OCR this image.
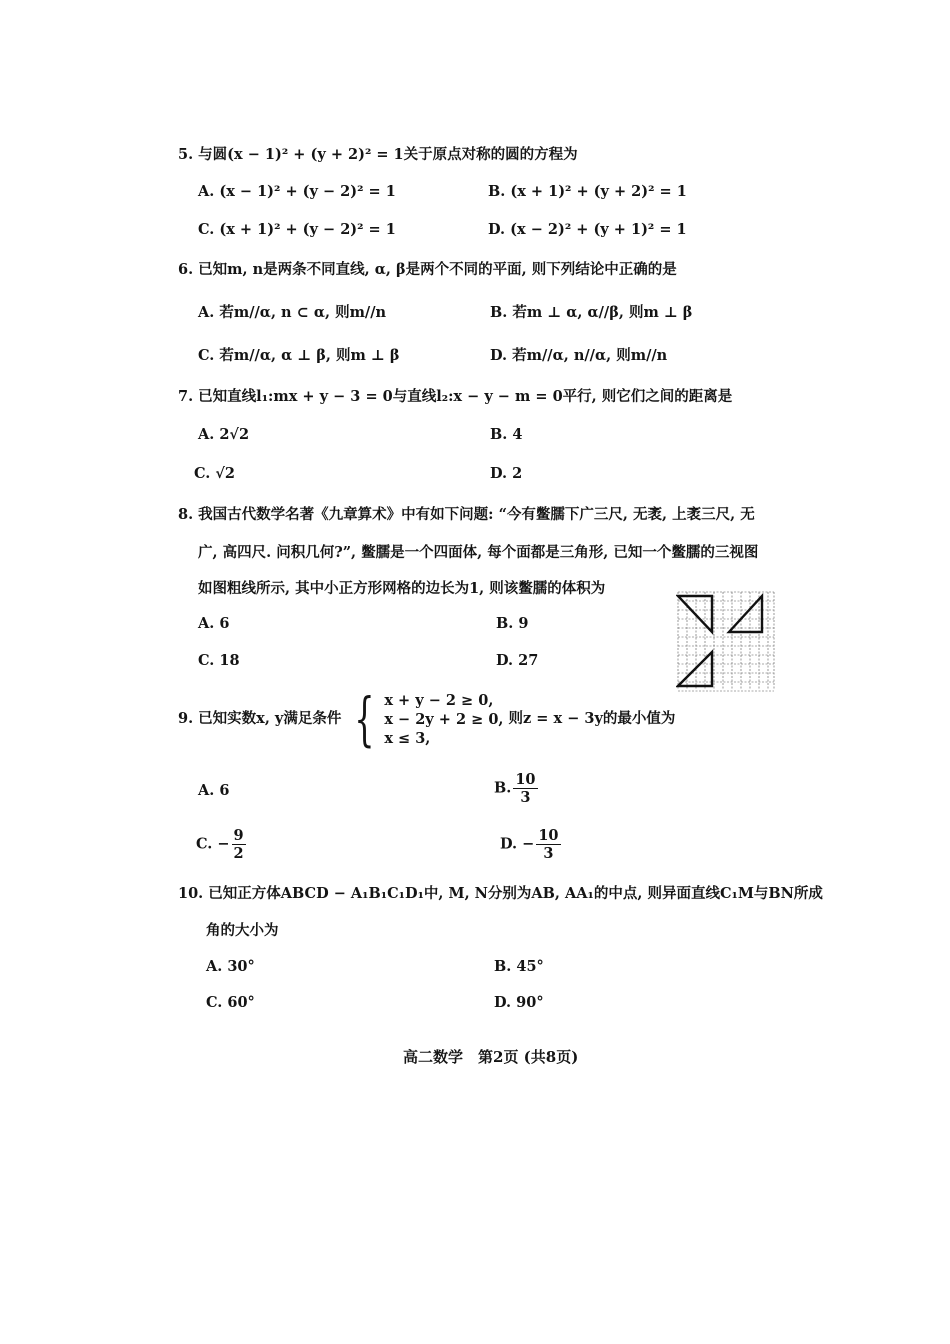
5. 与圆(x − 1)² + (y + 2)² = 1关于原点对称的圆的方程为
A. (x − 1)² + (y − 2)² = 1	B. (x + 1)² + (y + 2)² = 1
C. (x + 1)² + (y − 2)² = 1	D. (x − 2)² + (y + 1)² = 1
6. 已知m, n是两条不同直线, α, β是两个不同的平面, 则下列结论中正确的是
A. 若m//α, n ⊂ α, 则m//n	B. 若m ⊥ α, α//β, 则m ⊥ β
C. 若m//α, α ⊥ β, 则m ⊥ β	D. 若m//α, n//α, 则m//n
7. 已知直线l₁:mx + y − 3 = 0与直线l₂:x − y − m = 0平行, 则它们之间的距离是
A. 2√2	B. 4
C. √2	D. 2
8. 我国古代数学名著《九章算术》中有如下问题: “今有鳖臑下广三尺, 无袤, 上袤三尺, 无
广, 高四尺. 问积几何?”, 鳖臑是一个四面体, 每个面都是三角形, 已知一个鳖臑的三视图
如图粗线所示, 其中小正方形网格的边长为1, 则该鳖臑的体积为
A. 6	B. 9
C. 18	D. 27
9. 已知实数x, y满足条件 { x + y − 2 ≥ 0,
x − 2y + 2 ≥ 0,
x ≤ 3,
则z = x − 3y的最小值为
A. 6	B. $\frac{10}{3}$
C. − $\frac{9}{2}$	D. − $\frac{10}{3}$
10. 已知正方体ABCD − A₁B₁C₁D₁中, M, N分别为AB, AA₁的中点, 则异面直线C₁M与BN所成
角的大小为
A. 30°	B. 45°
C. 60°	D. 90°
高二数学　第2页 (共8页)
